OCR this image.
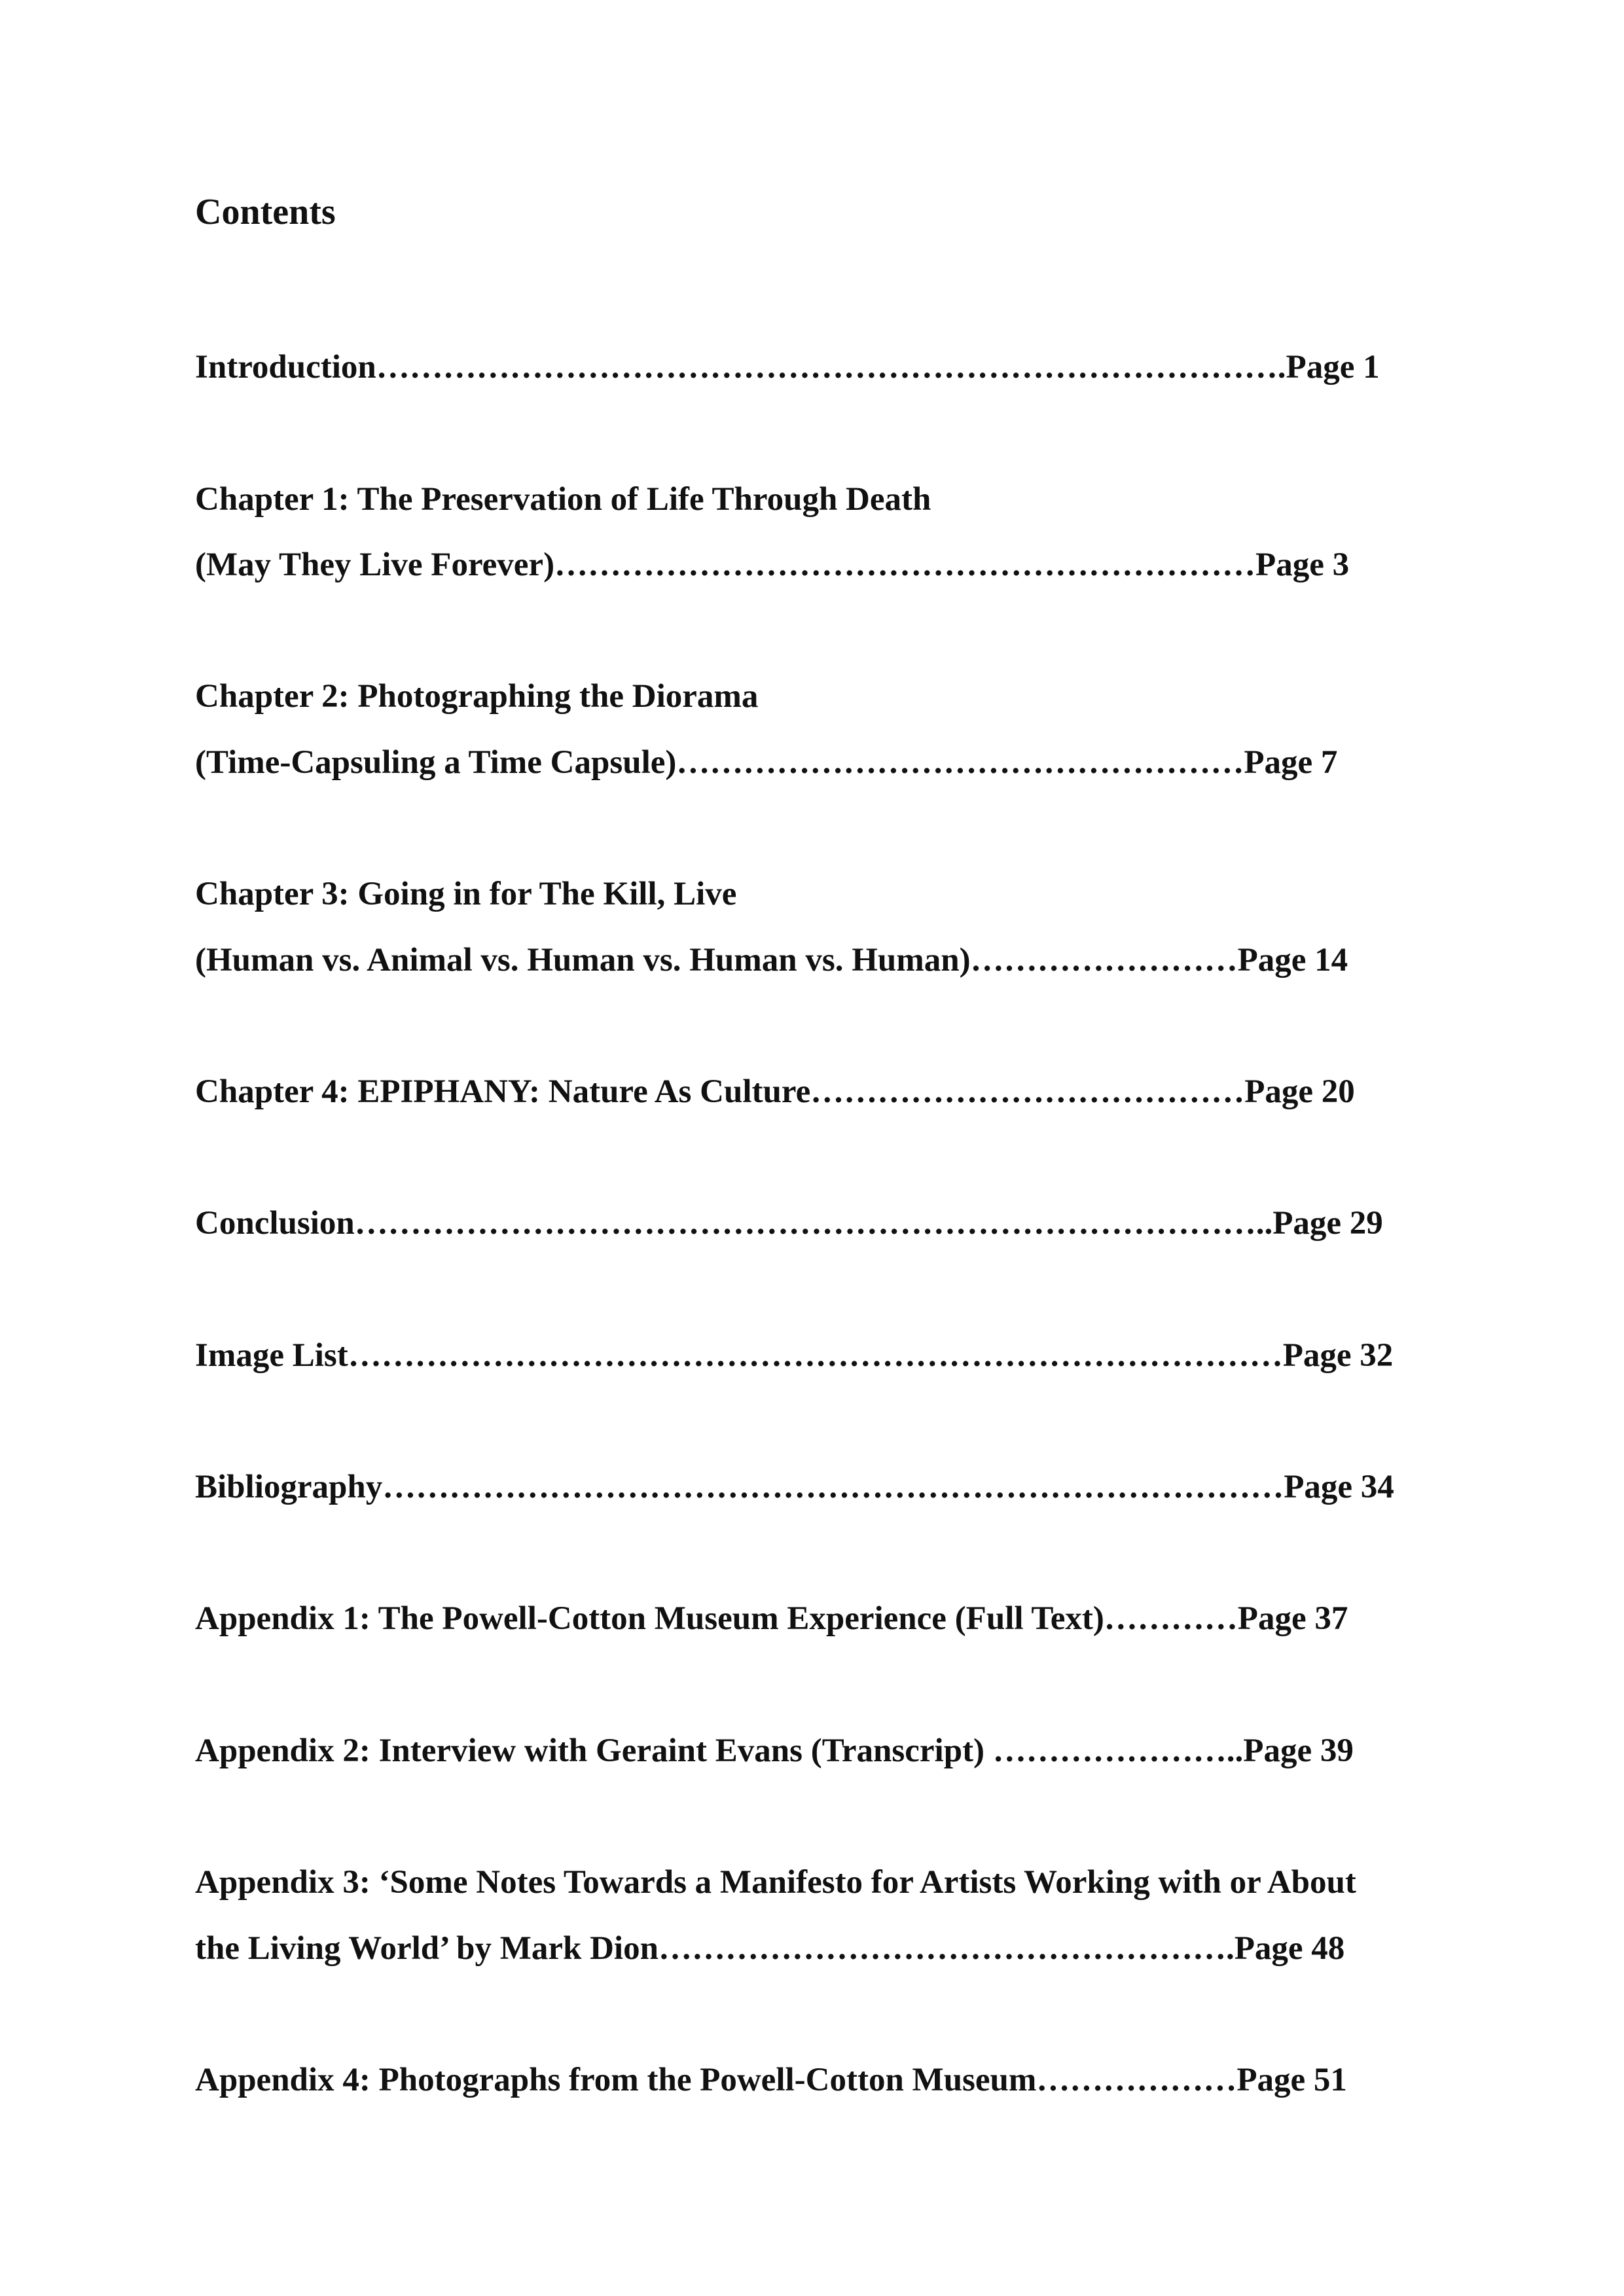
Contents
Introduction……………………………………………………………………….Page 1
Chapter 1: The Preservation of Life Through Death
(May They Live Forever)………………………………………………………Page 3
Chapter 2: Photographing the Diorama
(Time-Capsuling a Time Capsule)……………………………………………Page 7
Chapter 3: Going in for The Kill, Live
(Human vs. Animal vs. Human vs. Human vs. Human)……………………Page 14
Chapter 4: EPIPHANY: Nature As Culture…………………………………Page 20
Conclusion………………………………………………………………………..Page 29
Image List…………………………………………………………………………Page 32
Bibliography………………………………………………………………………Page 34
Appendix 1: The Powell-Cotton Museum Experience (Full Text)…………Page 37
Appendix 2: Interview with Geraint Evans (Transcript) …………………..Page 39
Appendix 3: ‘Some Notes Towards a Manifesto for Artists Working with or About
the Living World’ by Mark Dion…………………………………………….Page 48
Appendix 4: Photographs from the Powell-Cotton Museum………………Page 51
